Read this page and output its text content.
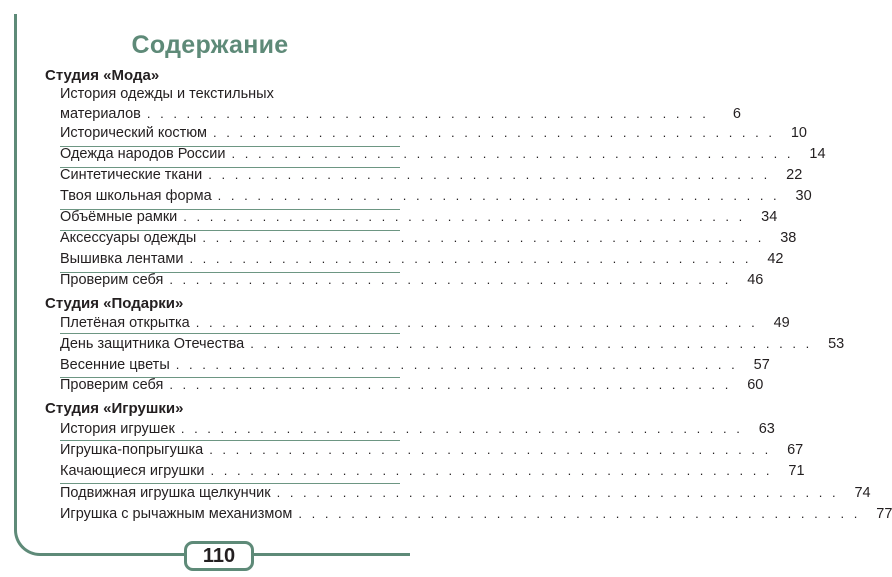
Содержание
Студия «Мода»
История одежды и текстильных
материалов . . . . . . . . . . . . . . . . . . . . . . . . . . . . . . . . . . . . . . . . . . .	6
Исторический костюм . . . . . . . . . . . . . . . . . . . . . . . . . . . . . . . . . . . . . . . . . . .	10
Одежда народов России . . . . . . . . . . . . . . . . . . . . . . . . . . . . . . . . . . . . . . . . . . .	14
Синтетические ткани . . . . . . . . . . . . . . . . . . . . . . . . . . . . . . . . . . . . . . . . . . .	22
Твоя школьная форма . . . . . . . . . . . . . . . . . . . . . . . . . . . . . . . . . . . . . . . . . . .	30
Объёмные рамки . . . . . . . . . . . . . . . . . . . . . . . . . . . . . . . . . . . . . . . . . . .	34
Аксессуары одежды . . . . . . . . . . . . . . . . . . . . . . . . . . . . . . . . . . . . . . . . . . .	38
Вышивка лентами . . . . . . . . . . . . . . . . . . . . . . . . . . . . . . . . . . . . . . . . . . .	42
Проверим себя . . . . . . . . . . . . . . . . . . . . . . . . . . . . . . . . . . . . . . . . . . .	46
Студия «Подарки»
Плетёная открытка . . . . . . . . . . . . . . . . . . . . . . . . . . . . . . . . . . . . . . . . . . .	49
День защитника Отечества . . . . . . . . . . . . . . . . . . . . . . . . . . . . . . . . . . . . . . . . . . .	53
Весенние цветы . . . . . . . . . . . . . . . . . . . . . . . . . . . . . . . . . . . . . . . . . . .	57
Проверим себя . . . . . . . . . . . . . . . . . . . . . . . . . . . . . . . . . . . . . . . . . . .	60
Студия «Игрушки»
История игрушек . . . . . . . . . . . . . . . . . . . . . . . . . . . . . . . . . . . . . . . . . . .	63
Игрушка-попрыгушка . . . . . . . . . . . . . . . . . . . . . . . . . . . . . . . . . . . . . . . . . . .	67
Качающиеся игрушки . . . . . . . . . . . . . . . . . . . . . . . . . . . . . . . . . . . . . . . . . . .	71
Подвижная игрушка щелкунчик . . . . . . . . . . . . . . . . . . . . . . . . . . . . . . . . . . . . . . . . . . .	74
Игрушка с рычажным механизмом . . . . . . . . . . . . . . . . . . . . . . . . . . . . . . . . . . . . . . . . . . .	77
110
